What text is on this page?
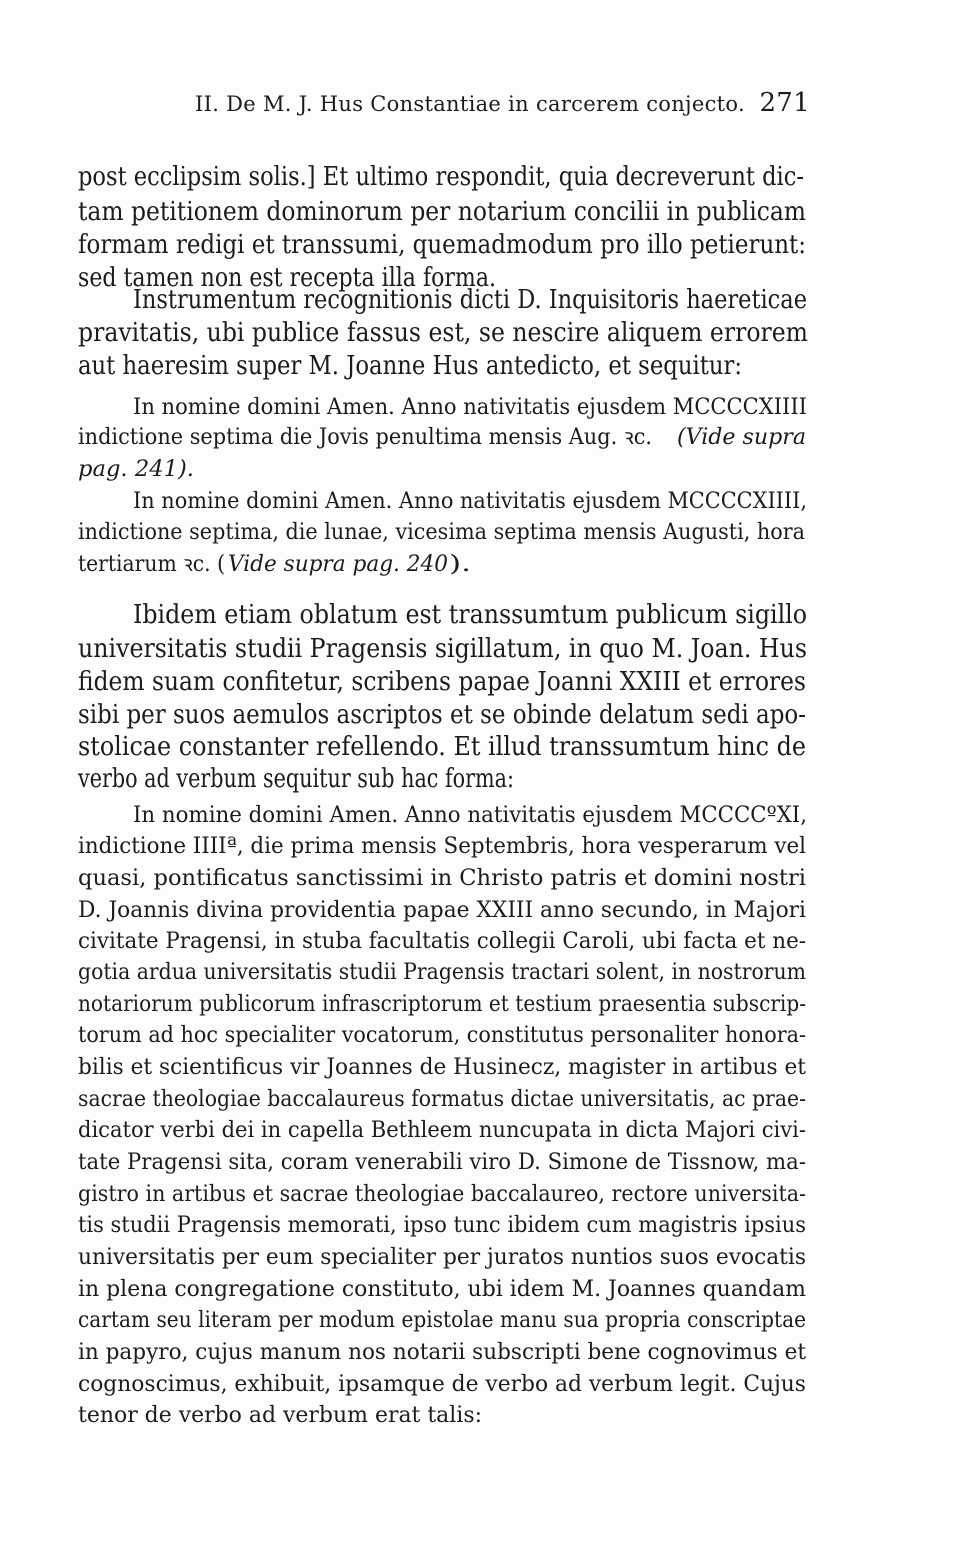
II. De M. J. Hus Constantiae in carcerem conjecto. 271
post ecclipsim solis.] Et ultimo respondit, quia decreverunt dic-
tam petitionem dominorum per notarium concilii in publicam
formam redigi et transsumi, quemadmodum pro illo petierunt:
sed tamen non est recepta illa forma.
Instrumentum recognitionis dicti D. Inquisitoris haereticae
pravitatis, ubi publice fassus est, se nescire aliquem errorem
aut haeresim super M. Joanne Hus antedicto, et sequitur:
In nomine domini Amen. Anno nativitatis ejusdem MCCCCXIIII
indictione septima die Jovis penultima mensis Aug. ꝛc. (Vide supra
pag. 241).
In nomine domini Amen. Anno nativitatis ejusdem MCCCCXIIII,
indictione septima, die lunae, vicesima septima mensis Augusti, hora
tertiarum ꝛc. ( Vide supra pag. 240 ).
Ibidem etiam oblatum est transsumtum publicum sigillo
universitatis studii Pragensis sigillatum, in quo M. Joan. Hus
fidem suam confitetur, scribens papae Joanni XXIII et errores
sibi per suos aemulos ascriptos et se obinde delatum sedi apo-
stolicae constanter refellendo. Et illud transsumtum hinc de
verbo ad verbum sequitur sub hac forma:
In nomine domini Amen. Anno nativitatis ejusdem MCCCCºXI,
indictione IIIIª, die prima mensis Septembris, hora vesperarum vel
quasi, pontificatus sanctissimi in Christo patris et domini nostri
D. Joannis divina providentia papae XXIII anno secundo, in Majori
civitate Pragensi, in stuba facultatis collegii Caroli, ubi facta et ne-
gotia ardua universitatis studii Pragensis tractari solent, in nostrorum
notariorum publicorum infrascriptorum et testium praesentia subscrip-
torum ad hoc specialiter vocatorum, constitutus personaliter honora-
bilis et scientificus vir Joannes de Husinecz, magister in artibus et
sacrae theologiae baccalaureus formatus dictae universitatis, ac prae-
dicator verbi dei in capella Bethleem nuncupata in dicta Majori civi-
tate Pragensi sita, coram venerabili viro D. Simone de Tissnow, ma-
gistro in artibus et sacrae theologiae baccalaureo, rectore universita-
tis studii Pragensis memorati, ipso tunc ibidem cum magistris ipsius
universitatis per eum specialiter per juratos nuntios suos evocatis
in plena congregatione constituto, ubi idem M. Joannes quandam
cartam seu literam per modum epistolae manu sua propria conscriptae
in papyro, cujus manum nos notarii subscripti bene cognovimus et
cognoscimus, exhibuit, ipsamque de verbo ad verbum legit. Cujus
tenor de verbo ad verbum erat talis:
